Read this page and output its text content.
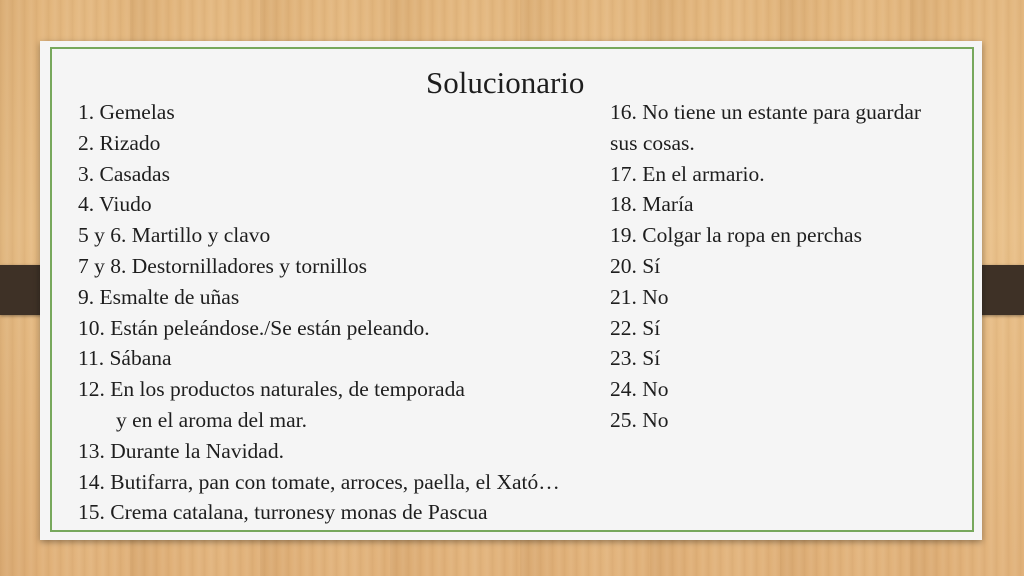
Solucionario
1. Gemelas
2. Rizado
3. Casadas
4. Viudo
5 y 6. Martillo y clavo
7 y 8. Destornilladores y tornillos
9. Esmalte de uñas
10. Están peleándose./Se están peleando.
11. Sábana
12. En los productos naturales, de temporada
y en el aroma del mar.
13. Durante la Navidad.
14. Butifarra, pan con tomate, arroces, paella, el Xató…
15. Crema catalana, turronesy monas de Pascua
16. No tiene un estante para guardar
sus cosas.
17. En el armario.
18. María
19. Colgar la ropa en perchas
20. Sí
21. No
22. Sí
23. Sí
24. No
25. No
